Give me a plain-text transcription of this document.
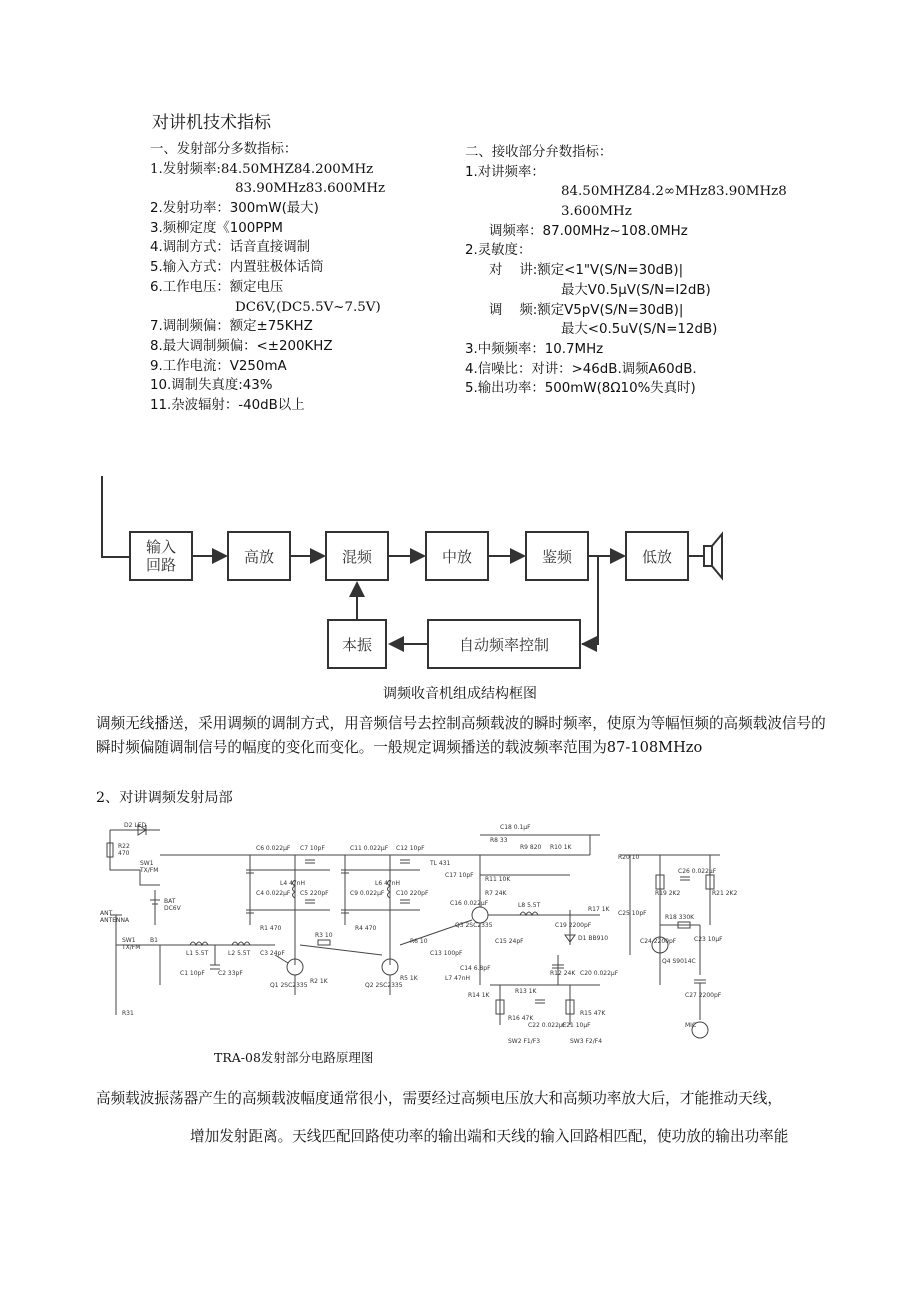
对讲机技术指标
一、发射部分多数指标：
1.发射频率:84.50MHZ84.200MHz
83.90MHz83.600MHz
2.发射功率：300mW(最大)
3.频柳定度《100PPM
4.调制方式：话音直接调制
5.输入方式：内置驻极体话筒
6.工作电压：额定电压
DC6V,(DC5.5V~7.5V)
7.调制频偏：额定±75KHZ
8.最大调制频偏：<±200KHZ
9.工作电流：V250mA
10.调制失真度:43%
11.杂波辐射：-40dB以上
二、接收部分弁数指标：
1.对讲频率：
84.50MHZ84.2∞MHz83.90MHz8
3.600MHz
调频率：87.00MHz~108.0MHz
2.灵敏度：
对    讲:额定<1"V(S/N=30dB)|
最大V0.5μV(S/N=I2dB)
调    频:额定V5pV(S/N=30dB)|
最大<0.5uV(S/N=12dB)
3.中频频率：10.7MHz
4.信噪比：对讲：>46dB.调频A60dB.
5.输出功率：500mW(8Ω10%失真时)
输入
回路	高放	混频	中放	鉴频	低放
本振	自动频率控制
调频收音机组成结构框图
调频无线播送，采用调频的调制方式，用音频信号去控制高频载波的瞬时频率，使原为等幅恒频的高频载波信号的瞬时频偏随调制信号的幅度的变化而变化。一般规定调频播送的载波频率范围为87-108MHzo
2、对讲调频发射局部
D2 LED
R22
470
SW1
TX/FM
BAT
DC6V
ANT
ANTENNA
SW1
TX/FM
R31
B1
L1 5.5T	L2 5.5T
C2 33pF
C1 10pF
C6 0.022μF C7 10pF
C4 0.022μF C5 220pF
L4 47nH
R1 470
C3 24pF
Q1 2SC2335
C11 0.022μF C12 10pF
C9 0.022μF C10 220pF
L6 47nH
R4 470
R3 10
R2 1K
Q2 2SC2335
R5 1K
C18 0.1μF
R8 33
R9 820 R10 1K
TL 431
C17 10pF
R11 10K
C16 0.022μF
R7 24K
Q3 2SC2335
L8 5.5T
C19 2200pF
R17 1K
D1 BB910
R6 10
C13 100pF
C15 24pF
C14 6.8pF
L7 47nH
R12 24K C20 0.022μF
R14 1K
R13 1K
R16 47K
C22 0.022μF
C21 10μF
R15 47K
SW2 F1/F3	SW3 F2/F4
R20 10
R19 2K2
C26 0.022μF
R21 2K2
C25 10pF
R18 330K
C24 2200pF	C23 10μF
Q4 S9014C
C27 2200pF
MIC
TRA-08发射部分电路原理图
高频载波振荡器产生的高频载波幅度通常很小，需要经过高频电压放大和高频功率放大后，才能推动天线，
增加发射距离。天线匹配回路使功率的输出端和天线的输入回路相匹配，使功放的输出功率能
